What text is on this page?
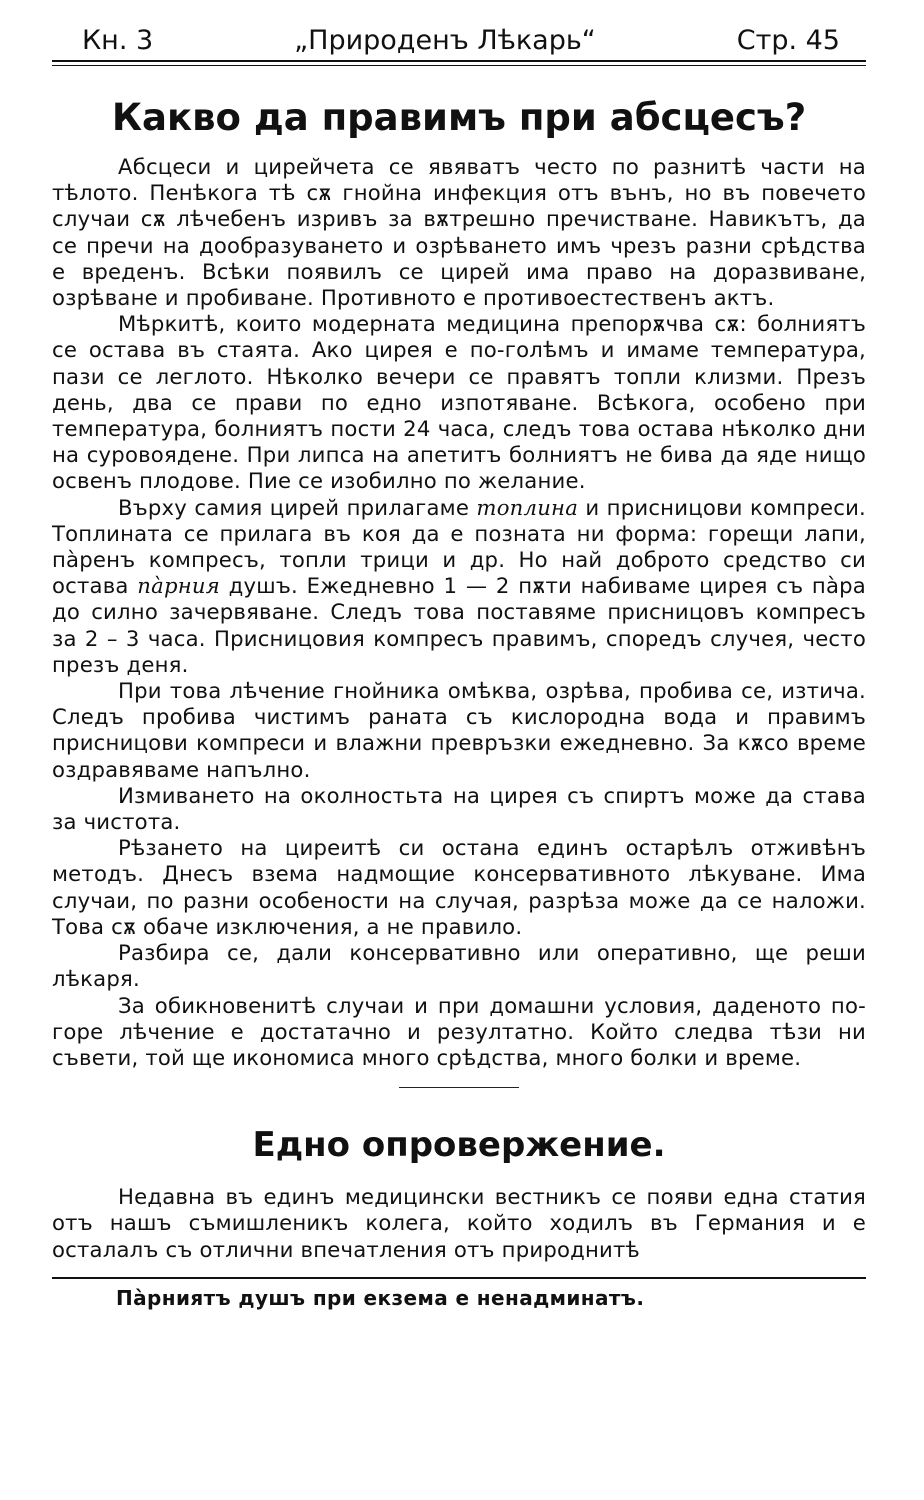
Кн. 3	„Природенъ Лѣкарь“	Стр. 45
Какво да правимъ при абсцесъ?

Абсцеси и цирейчета се явяватъ често по разнитѣ части на тѣлото. Пенѣкога тѣ сѫ гнойна инфекция отъ вънъ, но въ повечето случаи сѫ лѣчебенъ изривъ за вѫтрешно пречистване. Навикътъ, да се пречи на дообразуването и озрѣването имъ чрезъ разни срѣдства е вреденъ. Всѣки появилъ се цирей има право на доразвиване, озрѣване и пробиване. Противното е противоестественъ актъ.

Мѣркитѣ, които модерната медицина препорѫчва сѫ: болниятъ се остава въ стаята. Ако цирея е по-голѣмъ и имаме температура, пази се леглото. Нѣколко вечери се правятъ топли клизми. Презъ день, два се прави по едно изпотяване. Всѣкога, особено при температура, болниятъ пости 24 часа, следъ това остава нѣколко дни на суровоядене. При липса на апетитъ болниятъ не бива да яде нищо освенъ плодове. Пие се изобилно по желание.

Върху самия цирей прилагаме топлина и присницови компреси. Топлината се прилага въ коя да е позната ни форма: горещи лапи, пàренъ компресъ, топли трици и др. Но най доброто средство си остава пàрния душъ. Ежедневно 1 — 2 пѫти набиваме цирея съ пàра до силно зачервяване. Следъ това поставяме присницовъ компресъ за 2 – 3 часа. Присницовия компресъ правимъ, споредъ случея, често презъ деня.

При това лѣчение гнойника омѣква, озрѣва, пробива се, изтича. Следъ пробива чистимъ раната съ кислородна вода и правимъ присницови компреси и влажни превръзки ежедневно. За кѫсо време оздравяваме напълно.

Измиването на околностьта на цирея съ спиртъ може да става за чистота.

Рѣзането на циреитѣ си остана единъ остарѣлъ отживѣнъ методъ. Днесъ взема надмощие консервативното лѣкуване. Има случаи, по разни особености на случая, разрѣза може да се наложи. Това сѫ обаче изключения, а не правило.

Разбира се, дали консервативно или оперативно, ще реши лѣкаря.

За обикновенитѣ случаи и при домашни условия, даденото по-горе лѣчение е достатачно и резултатно. Който следва тѣзи ни съвети, той ще икономиса много срѣдства, много болки и време.

Едно опровержение.

Недавна въ единъ медицински вестникъ се появи една статия отъ нашъ съмишленикъ колега, който ходилъ въ Германия и е осталалъ съ отлични впечатления отъ природнитѣ

Пàрниятъ душъ при екзема е ненадминатъ.
